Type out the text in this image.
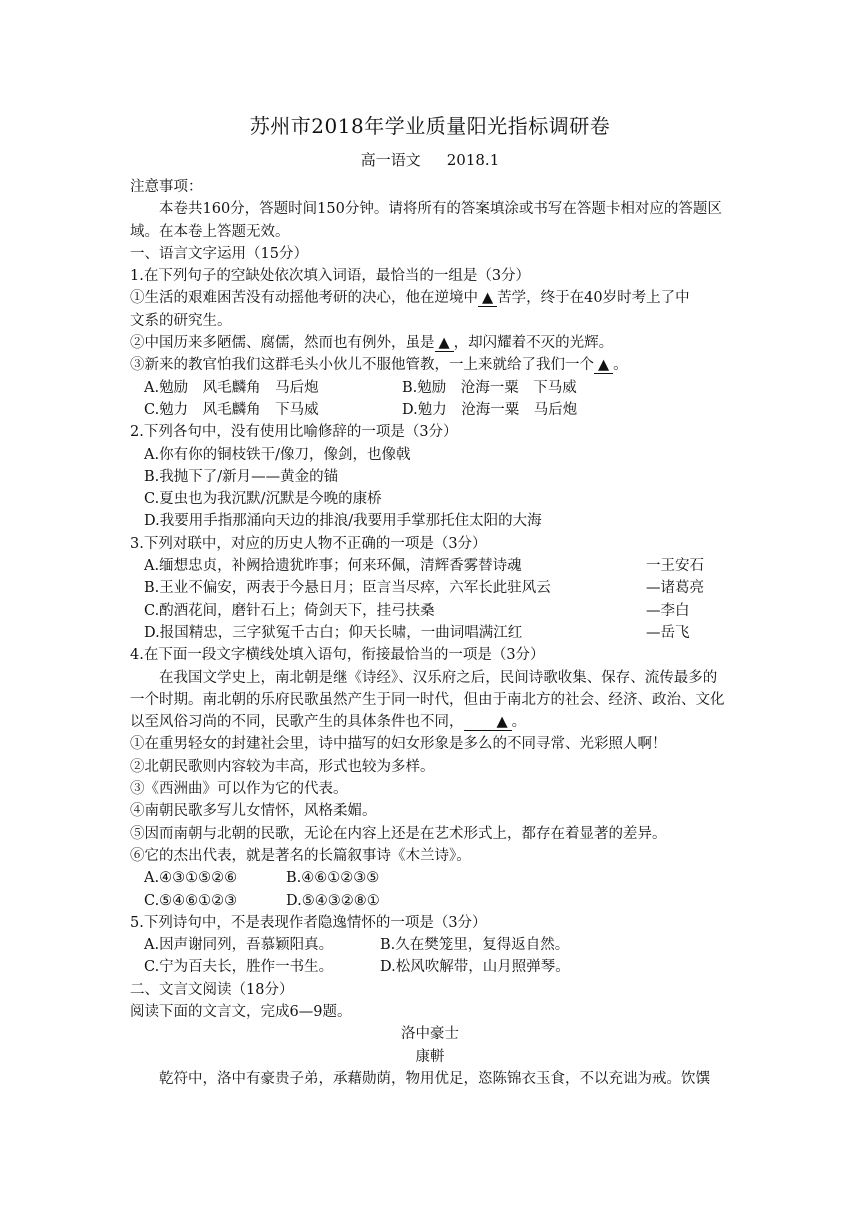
苏州市2018年学业质量阳光指标调研卷
高一语文 2018.1
注意事项：
本卷共160分，答题时间150分钟。请将所有的答案填涂或书写在答题卡相对应的答题区域。在本卷上答题无效。
一、语言文字运用（15分）
1.在下列句子的空缺处依次填入词语，最恰当的一组是（3分）
①生活的艰难困苦没有动摇他考研的决心，他在逆境中 ▲ 苦学，终于在40岁时考上了中
文系的研究生。
②中国历来多陋儒、腐儒，然而也有例外，虽是 ▲ ，却闪耀着不灭的光辉。
③新来的教官怕我们这群毛头小伙儿不服他管教，一上来就给了我们一个 ▲ 。
A.勉励　风毛麟角　马后炮	B.勉励　沧海一粟　下马威
C.勉力　风毛麟角　下马威	D.勉力　沧海一粟　马后炮
2.下列各句中，没有使用比喻修辞的一项是（3分）
A.你有你的铜枝铁干/像刀，像剑，也像戟
B.我抛下了/新月——黄金的锚
C.夏虫也为我沉默/沉默是今晚的康桥
D.我要用手指那涌向天边的排浪/我要用手掌那托住太阳的大海
3.下列对联中，对应的历史人物不正确的一项是（3分）
A.缅想忠贞，补阙拾遗犹昨事；何来环佩，清辉香雾替诗魂	一王安石
B.王业不偏安，两表于今悬日月；臣言当尽瘁，六军长此驻风云	—诸葛亮
C.酌酒花间，磨针石上；倚剑天下，挂弓扶桑	—李白
D.报国精忠，三字狱冤千古白；仰天长啸，一曲词唱满江红	—岳飞
4.在下面一段文字横线处填入语句，衔接最恰当的一项是（3分）
在我国文学史上，南北朝是继《诗经》、汉乐府之后，民间诗歌收集、保存、流传最多的一个时期。南北朝的乐府民歌虽然产生于同一时代，但由于南北方的社会、经济、政治、文化以至风俗习尚的不同，民歌产生的具体条件也不同， ▲ 。
①在重男轻女的封建社会里，诗中描写的妇女形象是多么的不同寻常、光彩照人啊！
②北朝民歌则内容较为丰高，形式也较为多样。
③《西洲曲》可以作为它的代表。
④南朝民歌多写儿女情怀，风格柔媚。
⑤因而南朝与北朝的民歌，无论在内容上还是在艺术形式上，都存在着显著的差异。
⑥它的杰出代表，就是著名的长篇叙事诗《木兰诗》。
A.④③①⑤②⑥	B.④⑥①②③⑤
C.⑤④⑥①②③	D.⑤④③②⑧①
5.下列诗句中，不是表现作者隐逸情怀的一项是（3分）
A.因声谢同列，吾慕颖阳真。	B.久在樊笼里，复得返自然。
C.宁为百夫长，胜作一书生。	D.松风吹解带，山月照弹琴。
二、文言文阅读（18分）
阅读下面的文言文，完成6—9题。
洛中豪士
康軿
乾符中，洛中有豪贵子弟，承藉勋荫，物用优足，恣陈锦衣玉食，不以充诎为戒。饮馔
